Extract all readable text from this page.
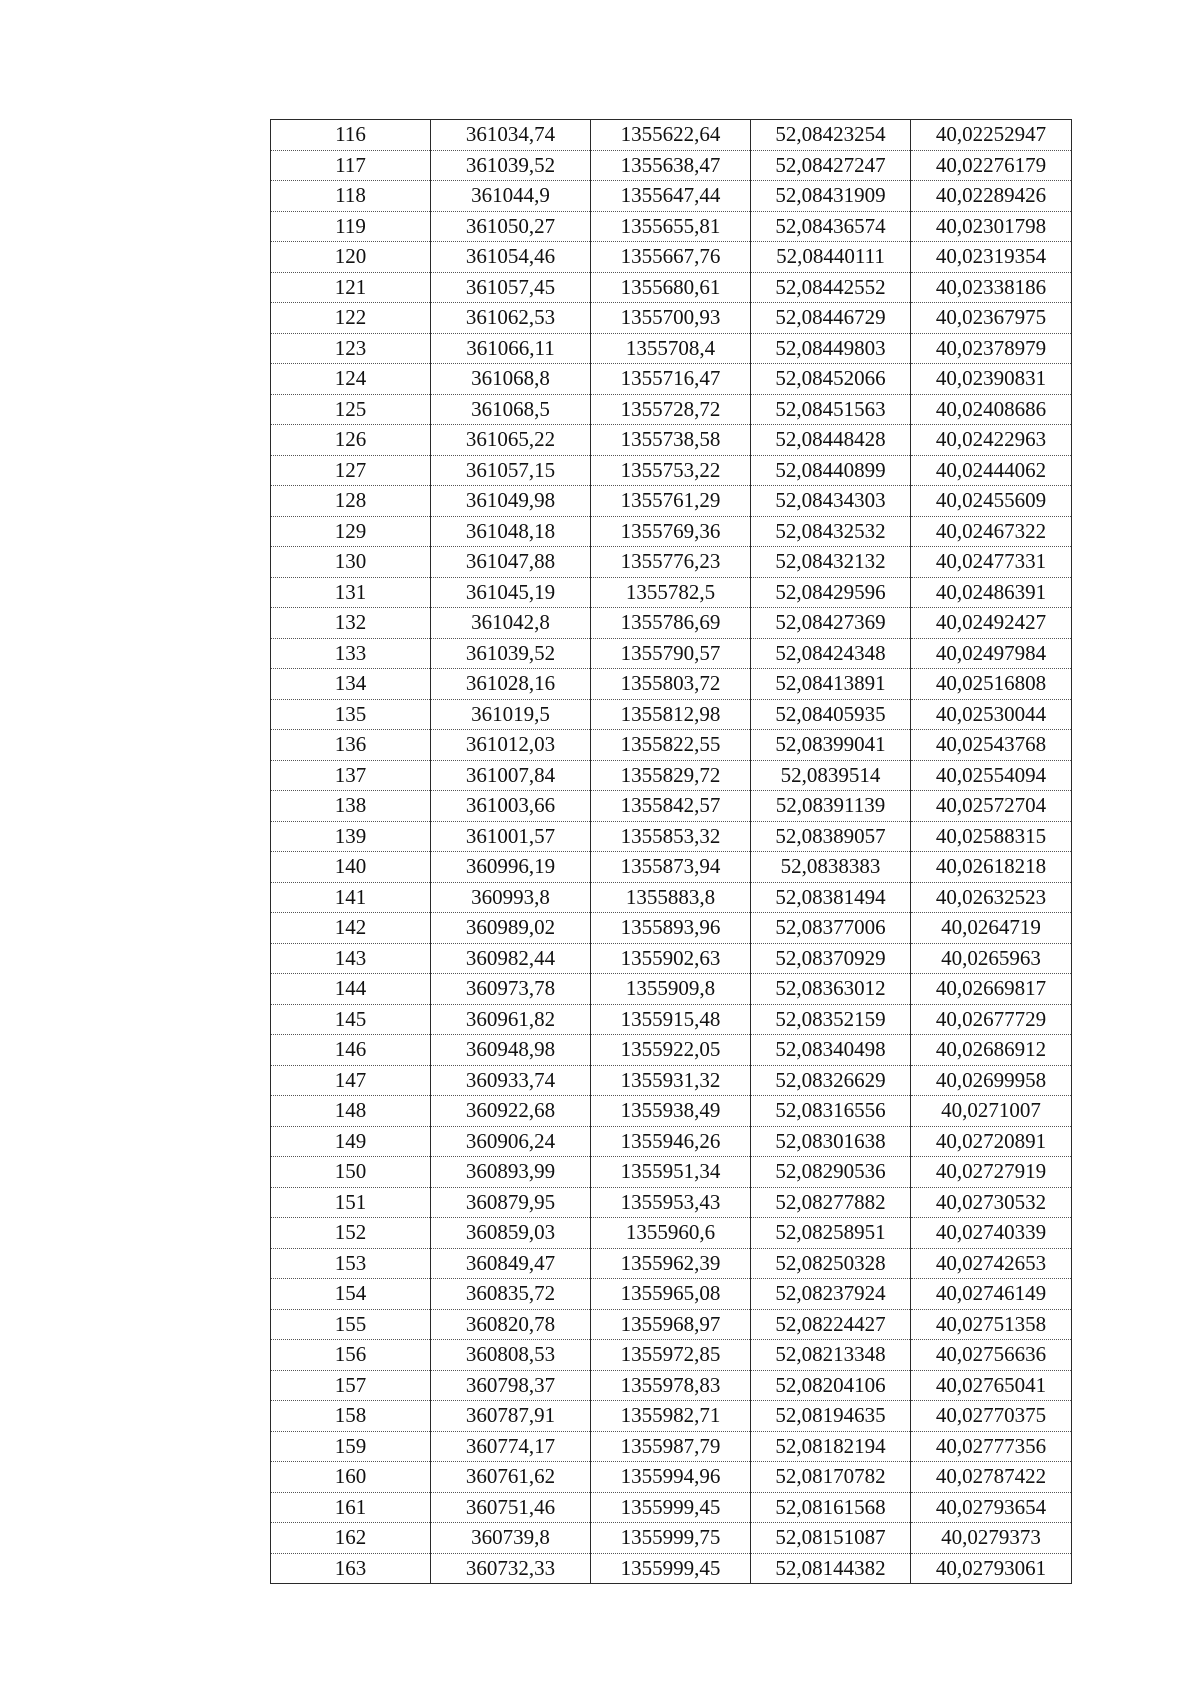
116	361034,74	1355622,64	52,08423254	40,02252947
117	361039,52	1355638,47	52,08427247	40,02276179
118	361044,9	1355647,44	52,08431909	40,02289426
119	361050,27	1355655,81	52,08436574	40,02301798
120	361054,46	1355667,76	52,08440111	40,02319354
121	361057,45	1355680,61	52,08442552	40,02338186
122	361062,53	1355700,93	52,08446729	40,02367975
123	361066,11	1355708,4	52,08449803	40,02378979
124	361068,8	1355716,47	52,08452066	40,02390831
125	361068,5	1355728,72	52,08451563	40,02408686
126	361065,22	1355738,58	52,08448428	40,02422963
127	361057,15	1355753,22	52,08440899	40,02444062
128	361049,98	1355761,29	52,08434303	40,02455609
129	361048,18	1355769,36	52,08432532	40,02467322
130	361047,88	1355776,23	52,08432132	40,02477331
131	361045,19	1355782,5	52,08429596	40,02486391
132	361042,8	1355786,69	52,08427369	40,02492427
133	361039,52	1355790,57	52,08424348	40,02497984
134	361028,16	1355803,72	52,08413891	40,02516808
135	361019,5	1355812,98	52,08405935	40,02530044
136	361012,03	1355822,55	52,08399041	40,02543768
137	361007,84	1355829,72	52,0839514	40,02554094
138	361003,66	1355842,57	52,08391139	40,02572704
139	361001,57	1355853,32	52,08389057	40,02588315
140	360996,19	1355873,94	52,0838383	40,02618218
141	360993,8	1355883,8	52,08381494	40,02632523
142	360989,02	1355893,96	52,08377006	40,0264719
143	360982,44	1355902,63	52,08370929	40,0265963
144	360973,78	1355909,8	52,08363012	40,02669817
145	360961,82	1355915,48	52,08352159	40,02677729
146	360948,98	1355922,05	52,08340498	40,02686912
147	360933,74	1355931,32	52,08326629	40,02699958
148	360922,68	1355938,49	52,08316556	40,0271007
149	360906,24	1355946,26	52,08301638	40,02720891
150	360893,99	1355951,34	52,08290536	40,02727919
151	360879,95	1355953,43	52,08277882	40,02730532
152	360859,03	1355960,6	52,08258951	40,02740339
153	360849,47	1355962,39	52,08250328	40,02742653
154	360835,72	1355965,08	52,08237924	40,02746149
155	360820,78	1355968,97	52,08224427	40,02751358
156	360808,53	1355972,85	52,08213348	40,02756636
157	360798,37	1355978,83	52,08204106	40,02765041
158	360787,91	1355982,71	52,08194635	40,02770375
159	360774,17	1355987,79	52,08182194	40,02777356
160	360761,62	1355994,96	52,08170782	40,02787422
161	360751,46	1355999,45	52,08161568	40,02793654
162	360739,8	1355999,75	52,08151087	40,0279373
163	360732,33	1355999,45	52,08144382	40,02793061
